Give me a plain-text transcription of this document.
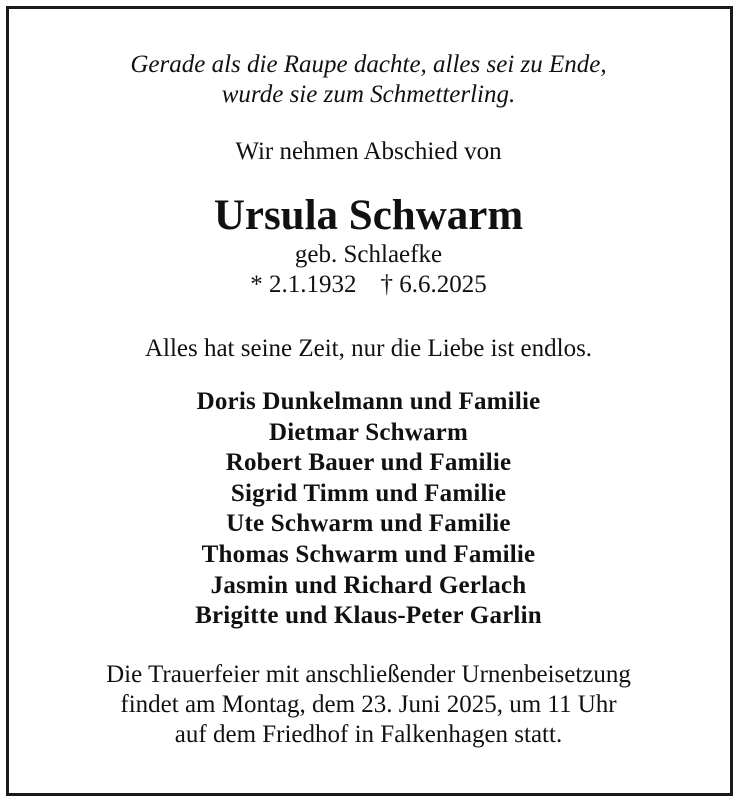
Gerade als die Raupe dachte, alles sei zu Ende,
wurde sie zum Schmetterling.
Wir nehmen Abschied von
Ursula Schwarm
geb. Schlaefke
* 2.1.1932 † 6.6.2025
Alles hat seine Zeit, nur die Liebe ist endlos.
Doris Dunkelmann und Familie
Dietmar Schwarm
Robert Bauer und Familie
Sigrid Timm und Familie
Ute Schwarm und Familie
Thomas Schwarm und Familie
Jasmin und Richard Gerlach
Brigitte und Klaus-Peter Garlin
Die Trauerfeier mit anschließender Urnenbeisetzung
findet am Montag, dem 23. Juni 2025, um 11 Uhr
auf dem Friedhof in Falkenhagen statt.
